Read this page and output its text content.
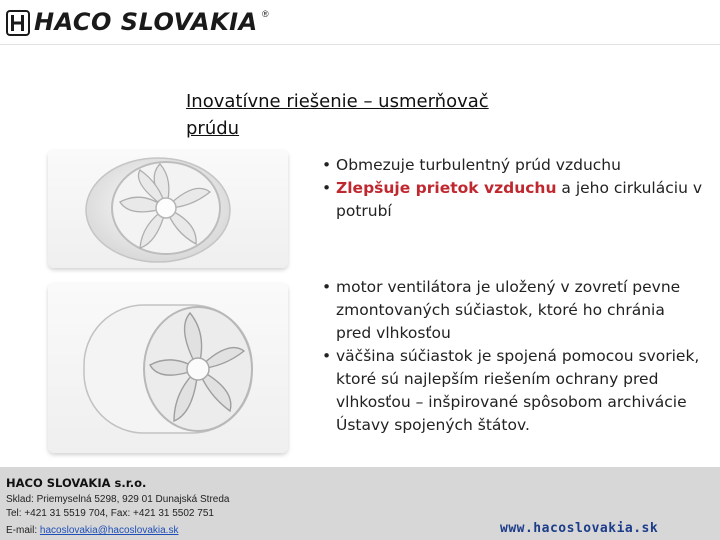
HACO SLOVAKIA ®
Inovatívne riešenie – usmerňovač prúdu
• Obmezuje turbulentný prúd vzduchu
• Zlepšuje prietok vzduchu a jeho cirkuláciu v potrubí
• motor ventilátora je uložený v zovretí pevne zmontovaných súčiastok, ktoré ho chránia pred vlhkosťou
• väčšina súčiastok je spojená pomocou svoriek, ktoré sú najlepším riešením ochrany pred vlhkosťou – inšpirované spôsobom archivácie Ústavy spojených štátov.
HACO SLOVAKIA s.r.o.
Sklad: Priemyselná 5298, 929 01 Dunajská Streda
Tel: +421 31 5519 704, Fax: +421 31 5502 751
E-mail: hacoslovakia@hacoslovakia.sk	www.hacoslovakia.sk
